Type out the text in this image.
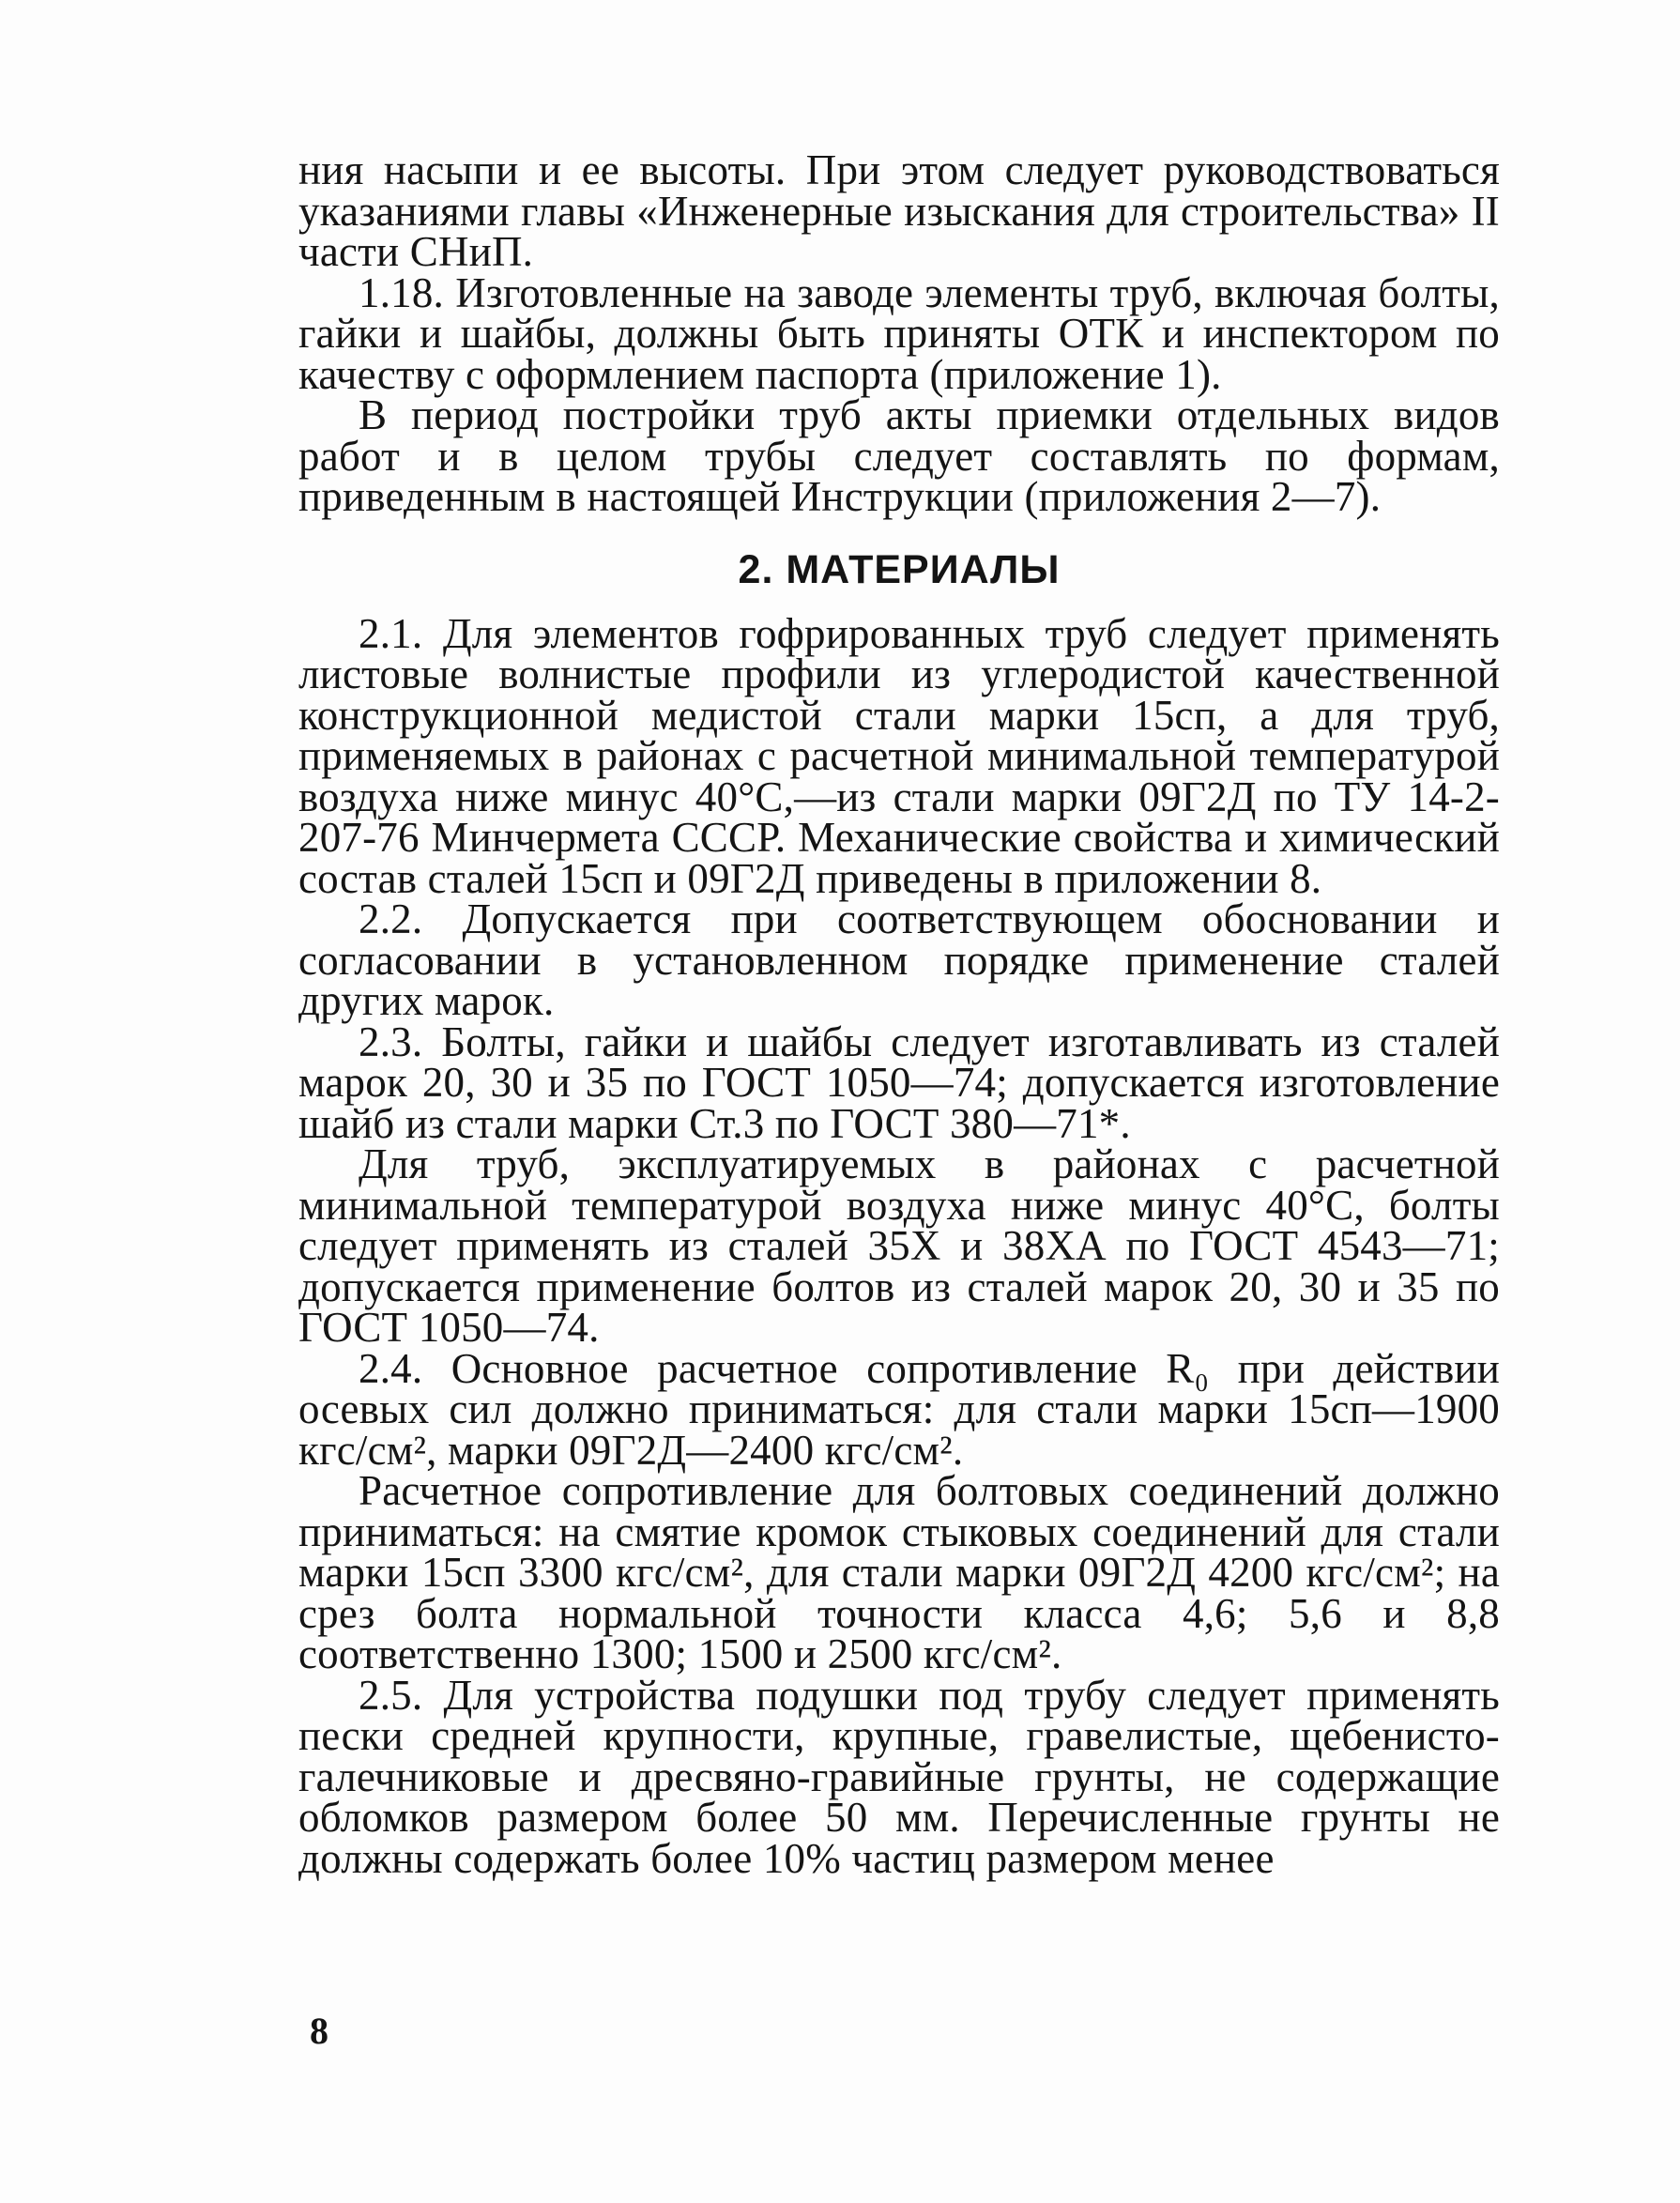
ния насыпи и ее высоты. При этом следует руководствоваться указаниями главы «Инженерные изыскания для строительства» II части СНиП.

1.18. Изготовленные на заводе элементы труб, включая болты, гайки и шайбы, должны быть приняты ОТК и инспектором по качеству с оформлением паспорта (приложение 1).

В период постройки труб акты приемки отдельных видов работ и в целом трубы следует составлять по формам, приведенным в настоящей Инструкции (приложения 2—7).

2. МАТЕРИАЛЫ

2.1. Для элементов гофрированных труб следует применять листовые волнистые профили из углеродистой качественной конструкционной медистой стали марки 15сп, а для труб, применяемых в районах с расчетной минимальной температурой воздуха ниже минус 40°С,—из стали марки 09Г2Д по ТУ 14-2-207-76 Минчермета СССР. Механические свойства и химический состав сталей 15сп и 09Г2Д приведены в приложении 8.

2.2. Допускается при соответствующем обосновании и согласовании в установленном порядке применение сталей других марок.

2.3. Болты, гайки и шайбы следует изготавливать из сталей марок 20, 30 и 35 по ГОСТ 1050—74; допускается изготовление шайб из стали марки Ст.3 по ГОСТ 380—71*.

Для труб, эксплуатируемых в районах с расчетной минимальной температурой воздуха ниже минус 40°С, болты следует применять из сталей 35Х и 38ХА по ГОСТ 4543—71; допускается применение болтов из сталей марок 20, 30 и 35 по ГОСТ 1050—74.

2.4. Основное расчетное сопротивление R₀ при действии осевых сил должно приниматься: для стали марки 15сп—1900 кгс/см², марки 09Г2Д—2400 кгс/см².

Расчетное сопротивление для болтовых соединений должно приниматься: на смятие кромок стыковых соединений для стали марки 15сп 3300 кгс/см², для стали марки 09Г2Д 4200 кгс/см²; на срез болта нормальной точности класса 4,6; 5,6 и 8,8 соответственно 1300; 1500 и 2500 кгс/см².

2.5. Для устройства подушки под трубу следует применять пески средней крупности, крупные, гравелистые, щебенисто-галечниковые и дресвяно-гравийные грунты, не содержащие обломков размером более 50 мм. Перечисленные грунты не должны содержать более 10% частиц размером менее

8
